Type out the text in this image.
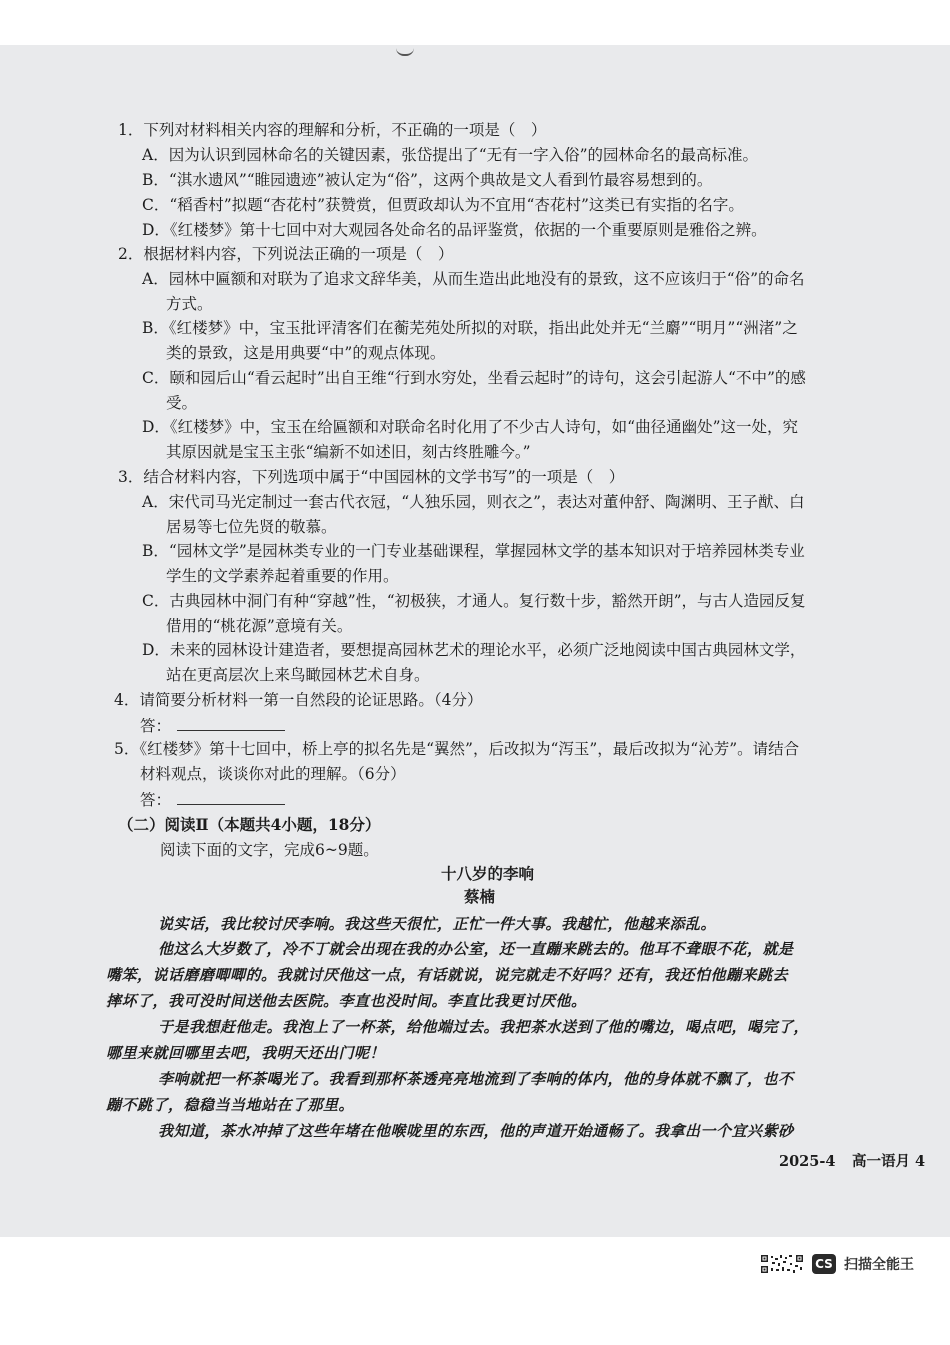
1．下列对材料相关内容的理解和分析，不正确的一项是（　）
A．因为认识到园林命名的关键因素，张岱提出了“无有一字入俗”的园林命名的最高标准。
B．“淇水遗风”“睢园遗迹”被认定为“俗”，这两个典故是文人看到竹最容易想到的。
C．“稻香村”拟题“杏花村”获赞赏，但贾政却认为不宜用“杏花村”这类已有实指的名字。
D．《红楼梦》第十七回中对大观园各处命名的品评鉴赏，依据的一个重要原则是雅俗之辨。
2．根据材料内容，下列说法正确的一项是（　）
A．园林中匾额和对联为了追求文辞华美，从而生造出此地没有的景致，这不应该归于“俗”的命名
方式。
B．《红楼梦》中，宝玉批评清客们在蘅芜苑处所拟的对联，指出此处并无“兰麝”“明月”“洲渚”之
类的景致，这是用典要“中”的观点体现。
C．颐和园后山“看云起时”出自王维“行到水穷处，坐看云起时”的诗句，这会引起游人“不中”的感
受。
D．《红楼梦》中，宝玉在给匾额和对联命名时化用了不少古人诗句，如“曲径通幽处”这一处，究
其原因就是宝玉主张“编新不如述旧，刻古终胜雕今。”
3．结合材料内容，下列选项中属于“中国园林的文学书写”的一项是（　）
A．宋代司马光定制过一套古代衣冠，“人独乐园，则衣之”，表达对董仲舒、陶渊明、王子猷、白
居易等七位先贤的敬慕。
B．“园林文学”是园林类专业的一门专业基础课程，掌握园林文学的基本知识对于培养园林类专业
学生的文学素养起着重要的作用。
C．古典园林中洞门有种“穿越”性，“初极狭，才通人。复行数十步，豁然开朗”，与古人造园反复
借用的“桃花源”意境有关。
D．未来的园林设计建造者，要想提高园林艺术的理论水平，必须广泛地阅读中国古典园林文学，
站在更高层次上来鸟瞰园林艺术自身。
4．请简要分析材料一第一自然段的论证思路。（4分）
答：
5．《红楼梦》第十七回中，桥上亭的拟名先是“翼然”，后改拟为“泻玉”，最后改拟为“沁芳”。请结合
材料观点，谈谈你对此的理解。（6分）
答：
（二）阅读Ⅱ（本题共4小题，18分）
阅读下面的文字，完成6~9题。
十八岁的李响
蔡楠
说实话，我比较讨厌李响。我这些天很忙，正忙一件大事。我越忙，他越来添乱。
他这么大岁数了，冷不丁就会出现在我的办公室，还一直蹦来跳去的。他耳不聋眼不花，就是
嘴笨，说话磨磨唧唧的。我就讨厌他这一点，有话就说，说完就走不好吗？还有，我还怕他蹦来跳去
摔坏了，我可没时间送他去医院。李直也没时间。李直比我更讨厌他。
于是我想赶他走。我泡上了一杯茶，给他端过去。我把茶水送到了他的嘴边，喝点吧，喝完了，
哪里来就回哪里去吧，我明天还出门呢！
李响就把一杯茶喝光了。我看到那杯茶透亮亮地流到了李响的体内，他的身体就不飘了，也不
蹦不跳了，稳稳当当地站在了那里。
我知道，茶水冲掉了这些年堵在他喉咙里的东西，他的声道开始通畅了。我拿出一个宜兴紫砂
2025-4 高一语月 4
CS 扫描全能王
